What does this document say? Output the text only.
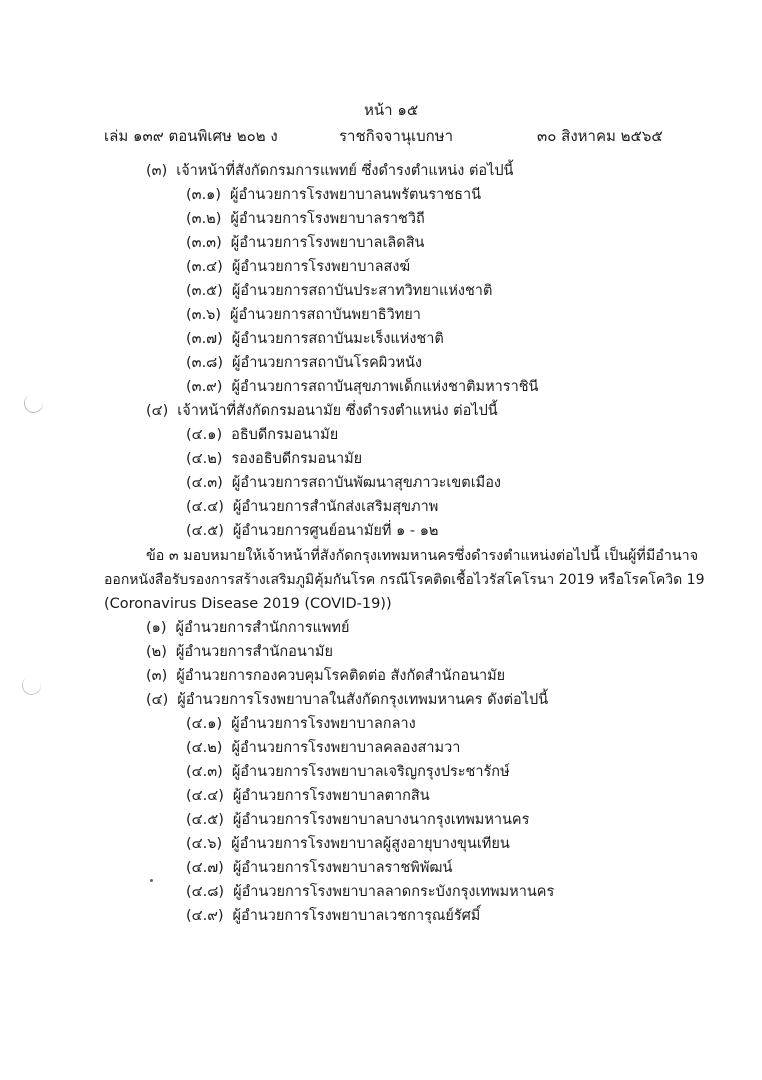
หน้า ๑๕
เล่ม ๑๓๙ ตอนพิเศษ ๒๐๒ ง	ราชกิจจานุเบกษา	๓๐ สิงหาคม ๒๕๖๕
(๓) เจ้าหน้าที่สังกัดกรมการแพทย์ ซึ่งดำรงตำแหน่ง ต่อไปนี้
(๓.๑) ผู้อำนวยการโรงพยาบาลนพรัตนราชธานี
(๓.๒) ผู้อำนวยการโรงพยาบาลราชวิถี
(๓.๓) ผู้อำนวยการโรงพยาบาลเลิดสิน
(๓.๔) ผู้อำนวยการโรงพยาบาลสงฆ์
(๓.๕) ผู้อำนวยการสถาบันประสาทวิทยาแห่งชาติ
(๓.๖) ผู้อำนวยการสถาบันพยาธิวิทยา
(๓.๗) ผู้อำนวยการสถาบันมะเร็งแห่งชาติ
(๓.๘) ผู้อำนวยการสถาบันโรคผิวหนัง
(๓.๙) ผู้อำนวยการสถาบันสุขภาพเด็กแห่งชาติมหาราชินี
(๔) เจ้าหน้าที่สังกัดกรมอนามัย ซึ่งดำรงตำแหน่ง ต่อไปนี้
(๔.๑) อธิบดีกรมอนามัย
(๔.๒) รองอธิบดีกรมอนามัย
(๔.๓) ผู้อำนวยการสถาบันพัฒนาสุขภาวะเขตเมือง
(๔.๔) ผู้อำนวยการสำนักส่งเสริมสุขภาพ
(๔.๕) ผู้อำนวยการศูนย์อนามัยที่ ๑ - ๑๒
ข้อ ๓ มอบหมายให้เจ้าหน้าที่สังกัดกรุงเทพมหานครซึ่งดำรงตำแหน่งต่อไปนี้ เป็นผู้ที่มีอำนาจ
ออกหนังสือรับรองการสร้างเสริมภูมิคุ้มกันโรค กรณีโรคติดเชื้อไวรัสโคโรนา 2019 หรือโรคโควิด 19
(Coronavirus Disease 2019 (COVID-19))
(๑) ผู้อำนวยการสำนักการแพทย์
(๒) ผู้อำนวยการสำนักอนามัย
(๓) ผู้อำนวยการกองควบคุมโรคติดต่อ สังกัดสำนักอนามัย
(๔) ผู้อำนวยการโรงพยาบาลในสังกัดกรุงเทพมหานคร ดังต่อไปนี้
(๔.๑) ผู้อำนวยการโรงพยาบาลกลาง
(๔.๒) ผู้อำนวยการโรงพยาบาลคลองสามวา
(๔.๓) ผู้อำนวยการโรงพยาบาลเจริญกรุงประชารักษ์
(๔.๔) ผู้อำนวยการโรงพยาบาลตากสิน
(๔.๕) ผู้อำนวยการโรงพยาบาลบางนากรุงเทพมหานคร
(๔.๖) ผู้อำนวยการโรงพยาบาลผู้สูงอายุบางขุนเทียน
(๔.๗) ผู้อำนวยการโรงพยาบาลราชพิพัฒน์
(๔.๘) ผู้อำนวยการโรงพยาบาลลาดกระบังกรุงเทพมหานคร
(๔.๙) ผู้อำนวยการโรงพยาบาลเวชการุณย์รัศมิ์
